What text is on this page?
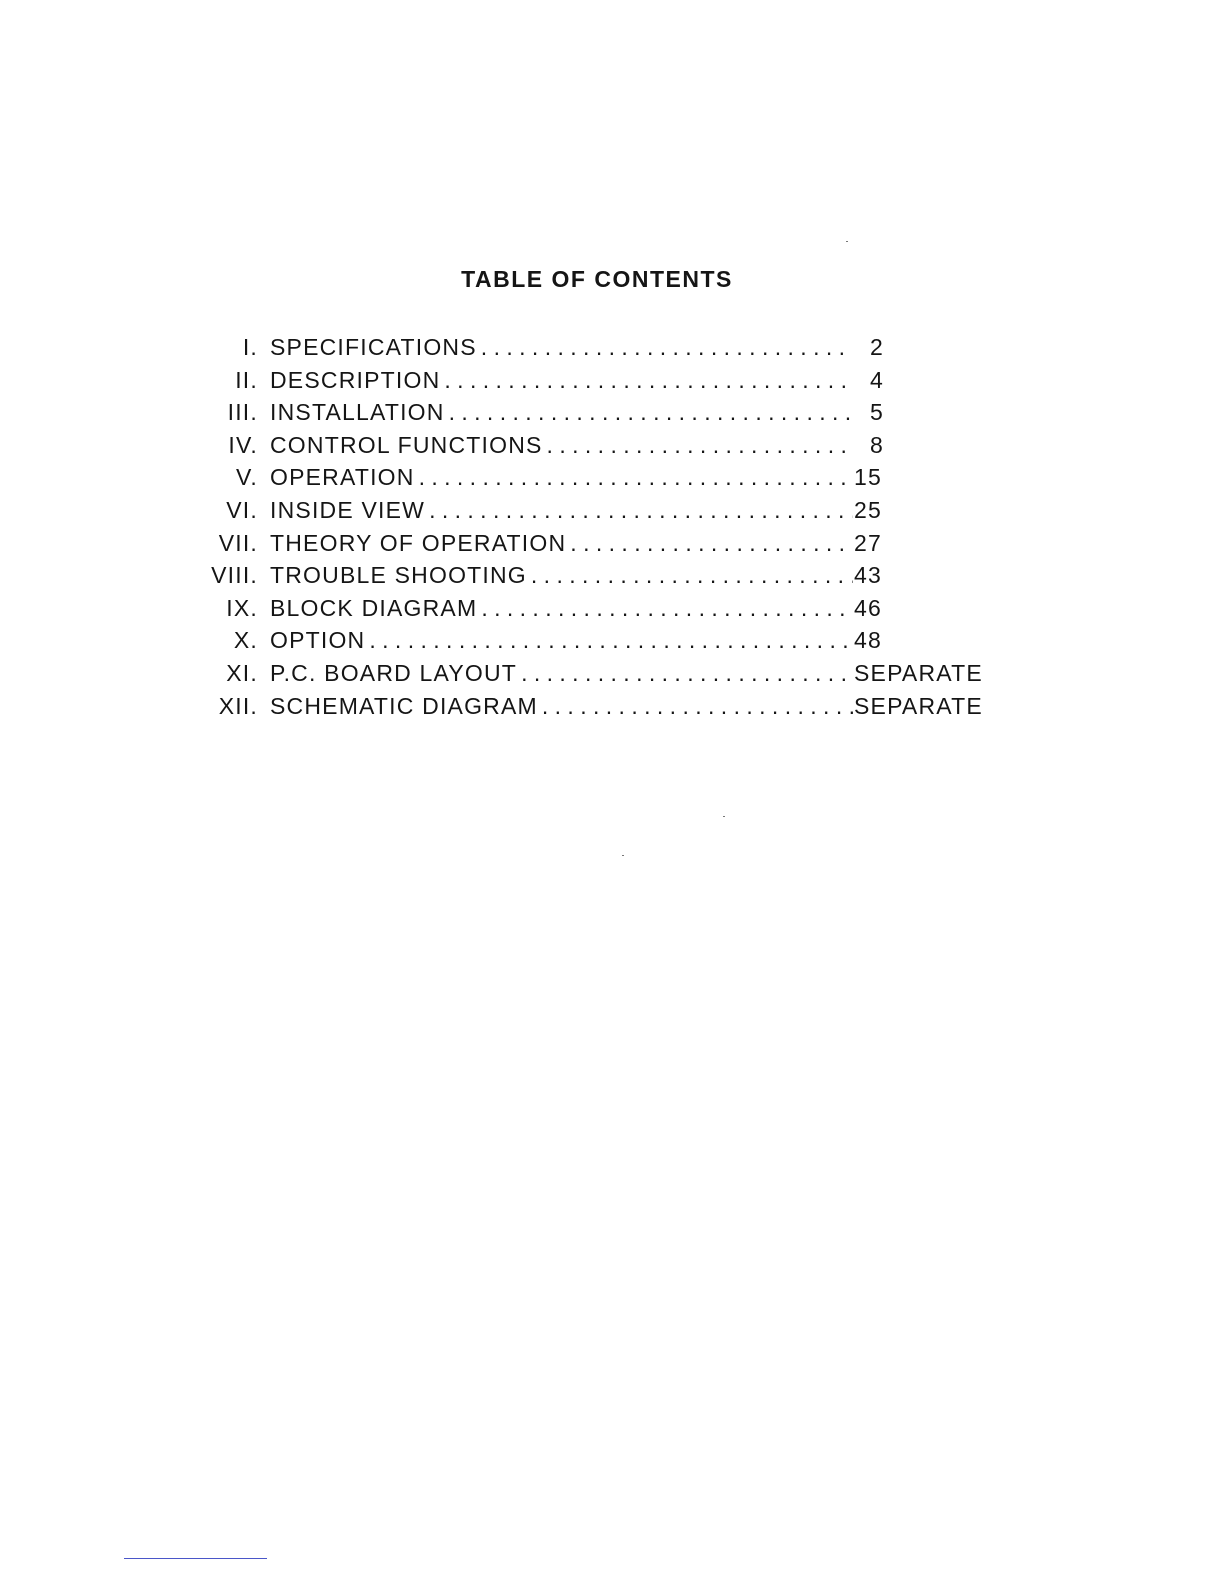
TABLE OF CONTENTS
I. SPECIFICATIONS . . .	2
II. DESCRIPTION . . .	4
III. INSTALLATION . . .	5
IV. CONTROL FUNCTIONS . . .	8
V. OPERATION . . .	15
VI. INSIDE VIEW . . .	25
VII. THEORY OF OPERATION . . .	27
VIII. TROUBLE SHOOTING . . .	43
IX. BLOCK DIAGRAM . . .	46
X. OPTION . . .	48
XI. P.C. BOARD LAYOUT . . .	SEPARATE
XII. SCHEMATIC DIAGRAM . . .	SEPARATE
